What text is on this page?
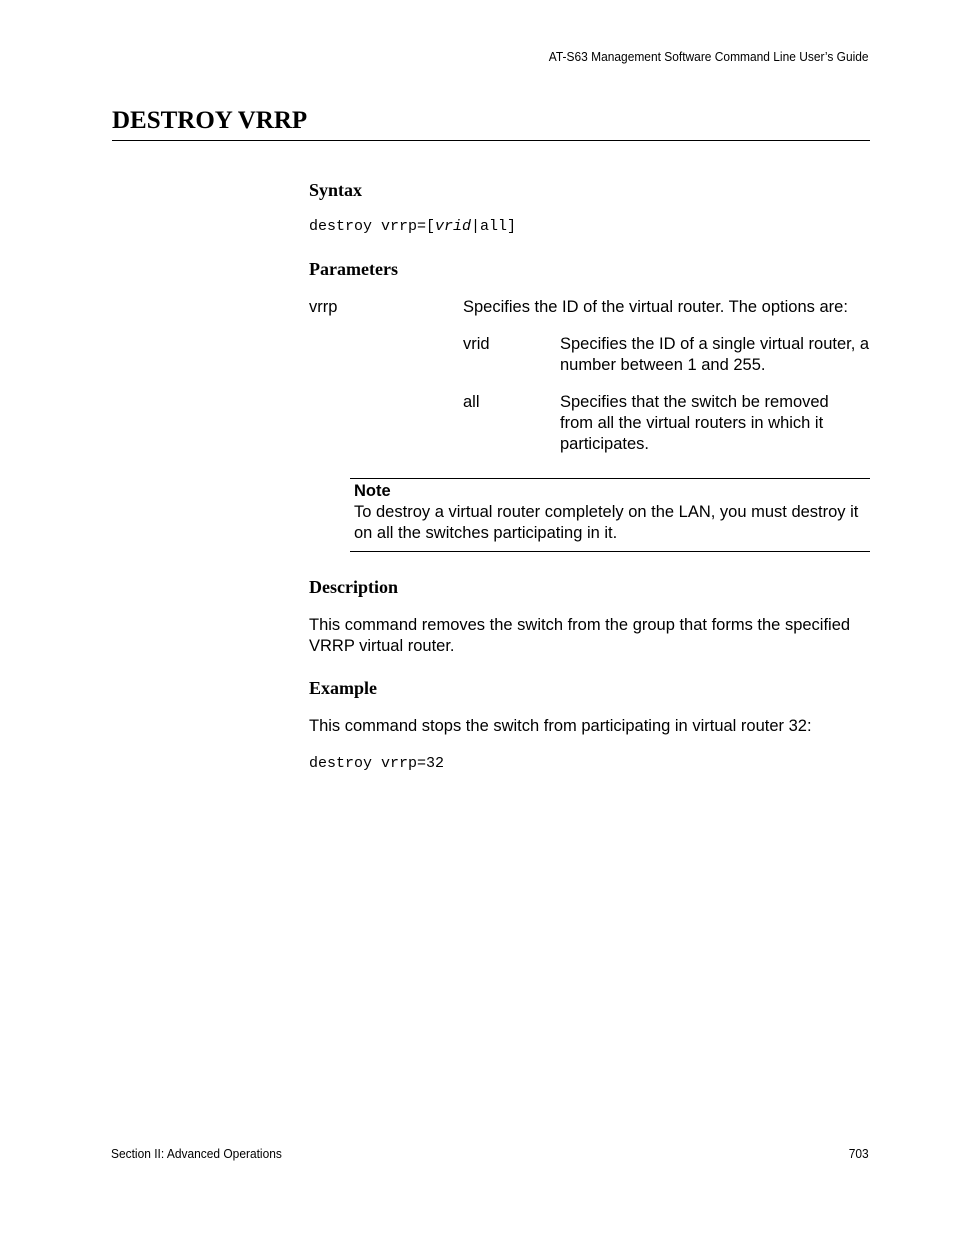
AT-S63 Management Software Command Line User’s Guide
DESTROY VRRP
Syntax
destroy vrrp=[vrid|all]
Parameters
vrrp	Specifies the ID of the virtual router. The options are:
vrid	Specifies the ID of a single virtual router, a number between 1 and 255.
all	Specifies that the switch be removed from all the virtual routers in which it participates.
Note
To destroy a virtual router completely on the LAN, you must destroy it on all the switches participating in it.
Description
This command removes the switch from the group that forms the specified VRRP virtual router.
Example
This command stops the switch from participating in virtual router 32:
destroy vrrp=32
Section II: Advanced Operations	703
